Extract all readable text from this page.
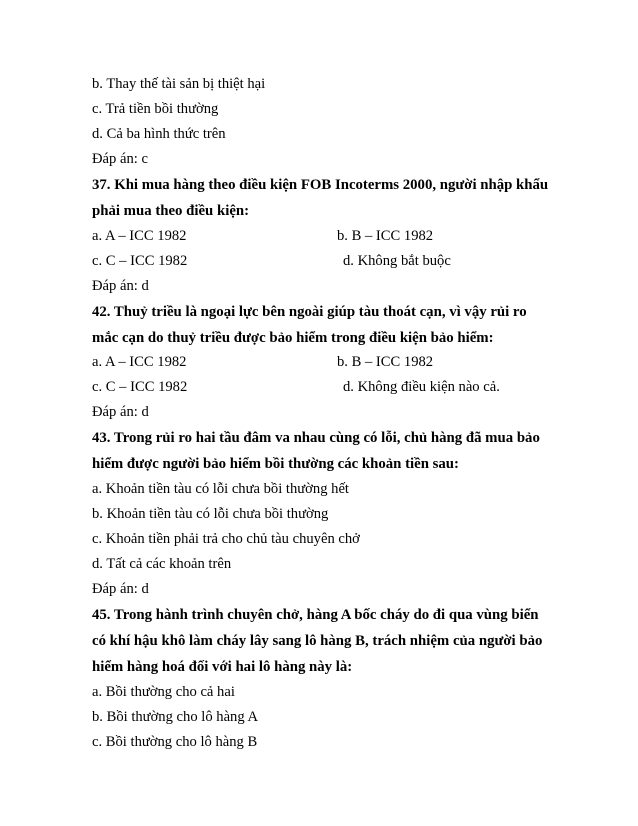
b. Thay thế tài sản bị thiệt hại
c. Trả tiền bồi thường
d. Cả ba hình thức trên
Đáp án: c
37. Khi mua hàng theo điều kiện FOB Incoterms 2000, người nhập khẩu
phải mua theo điều kiện:
a. A – ICC 1982	b. B – ICC 1982
c. C – ICC 1982	d. Không bắt buộc
Đáp án: d
42. Thuỷ triều là ngoại lực bên ngoài giúp tàu thoát cạn, vì vậy rủi ro
mắc cạn do thuỷ triều được bảo hiểm trong điều kiện bảo hiểm:
a. A – ICC 1982	b. B – ICC 1982
c. C – ICC 1982	d. Không điều kiện nào cả.
Đáp án: d
43. Trong rủi ro hai tầu đâm va nhau cùng có lỗi, chủ hàng đã mua bảo
hiểm được người bảo hiểm bồi thường các khoản tiền sau:
a. Khoản tiền tàu có lỗi chưa bồi thường hết
b. Khoản tiền tàu có lỗi chưa bồi thường
c. Khoản tiền phải trả cho chủ tàu chuyên chở
d. Tất cả các khoản trên
Đáp án: d
45. Trong hành trình chuyên chở, hàng A bốc cháy do đi qua vùng biển
có khí hậu khô làm cháy lây sang lô hàng B, trách nhiệm của người bảo
hiểm hàng hoá đối với hai lô hàng này là:
a. Bồi thường cho cả hai
b. Bồi thường cho lô hàng A
c. Bồi thường cho lô hàng B
